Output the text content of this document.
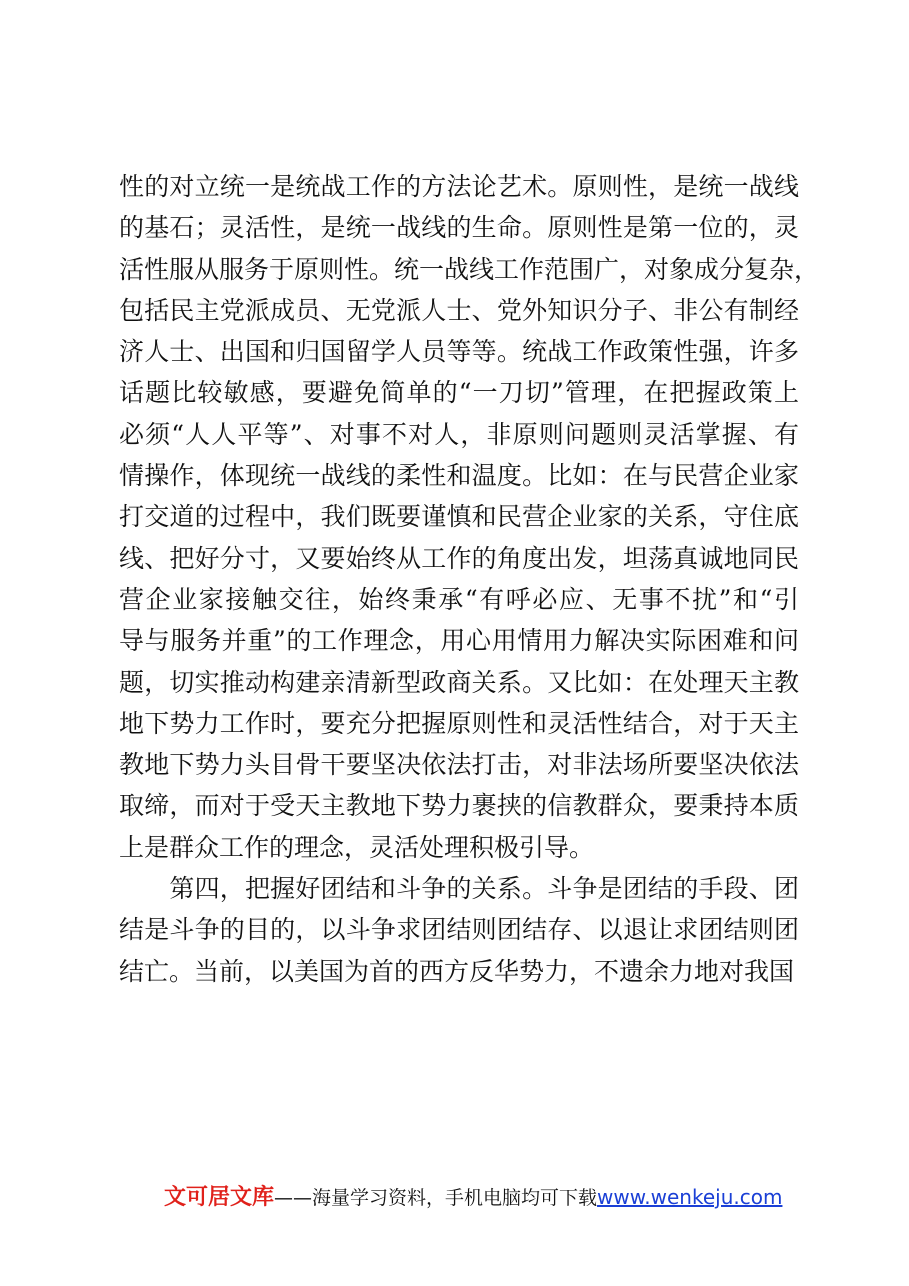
性的对立统一是统战工作的方法论艺术。原则性，是统一战线
的基石；灵活性，是统一战线的生命。原则性是第一位的，灵
活性服从服务于原则性。统一战线工作范围广，对象成分复杂，
包括民主党派成员、无党派人士、党外知识分子、非公有制经
济人士、出国和归国留学人员等等。统战工作政策性强，许多
话题比较敏感，要避免简单的“一刀切”管理，在把握政策上
必须“人人平等”、对事不对人，非原则问题则灵活掌握、有
情操作，体现统一战线的柔性和温度。比如：在与民营企业家
打交道的过程中，我们既要谨慎和民营企业家的关系，守住底
线、把好分寸，又要始终从工作的角度出发，坦荡真诚地同民
营企业家接触交往，始终秉承“有呼必应、无事不扰”和“引
导与服务并重”的工作理念，用心用情用力解决实际困难和问
题，切实推动构建亲清新型政商关系。又比如：在处理天主教
地下势力工作时，要充分把握原则性和灵活性结合，对于天主
教地下势力头目骨干要坚决依法打击，对非法场所要坚决依法
取缔，而对于受天主教地下势力裹挟的信教群众，要秉持本质
上是群众工作的理念，灵活处理积极引导。
　　第四，把握好团结和斗争的关系。斗争是团结的手段、团
结是斗争的目的，以斗争求团结则团结存、以退让求团结则团
结亡。当前，以美国为首的西方反华势力，不遗余力地对我国
文可居文库——海量学习资料，手机电脑均可下载www.wenkeju.com
